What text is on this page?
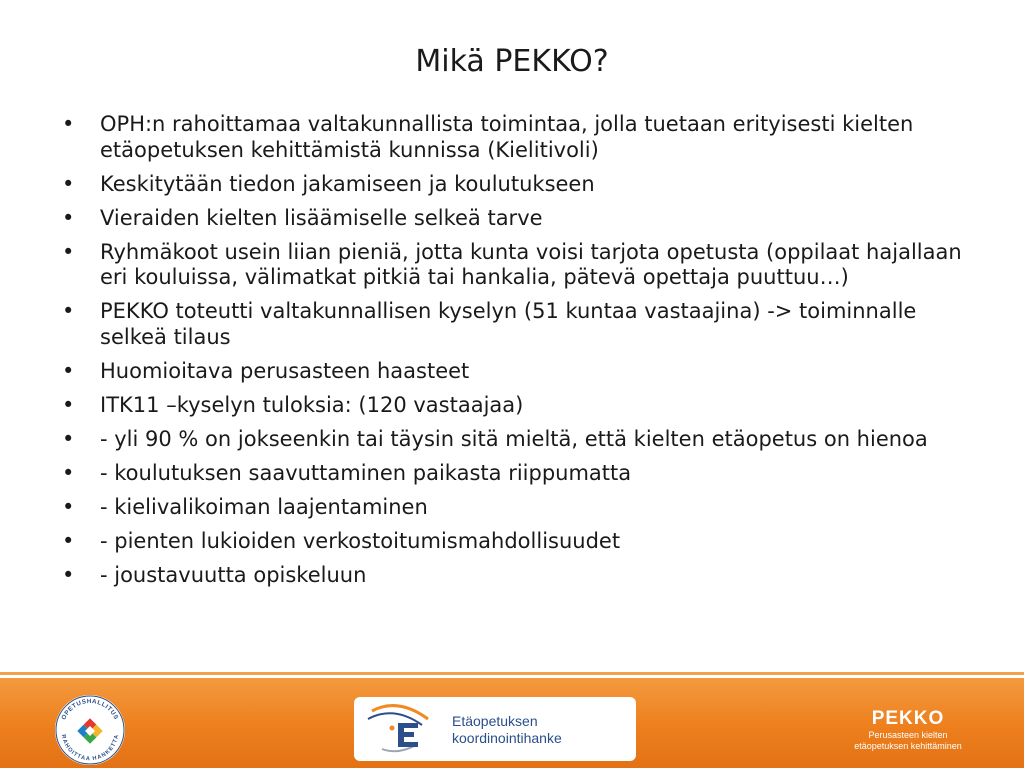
Mikä PEKKO?
• OPH:n rahoittamaa valtakunnallista toimintaa, jolla tuetaan erityisesti kielten etäopetuksen kehittämistä kunnissa (Kielitivoli)
• Keskitytään tiedon jakamiseen ja koulutukseen
• Vieraiden kielten lisäämiselle selkeä tarve
• Ryhmäkoot usein liian pieniä, jotta kunta voisi tarjota opetusta (oppilaat hajallaan eri kouluissa, välimatkat pitkiä tai hankalia, pätevä opettaja puuttuu…)
• PEKKO toteutti valtakunnallisen kyselyn (51 kuntaa vastaajina) -> toiminnalle selkeä tilaus
• Huomioitava perusasteen haasteet
• ITK11 –kyselyn tuloksia: (120 vastaajaa)
• - yli 90 % on jokseenkin tai täysin sitä mieltä, että kielten etäopetus on hienoa
• - koulutuksen saavuttaminen paikasta riippumatta
• - kielivalikoiman laajentaminen
• - pienten lukioiden verkostoitumismahdollisuudet
• - joustavuutta opiskeluun
OPETUSHALLITUS
RAHOITTAA HANKETTA
Etäopetuksen
koordinointihanke
PEKKO
Perusasteen kielten
etäopetuksen kehittäminen
